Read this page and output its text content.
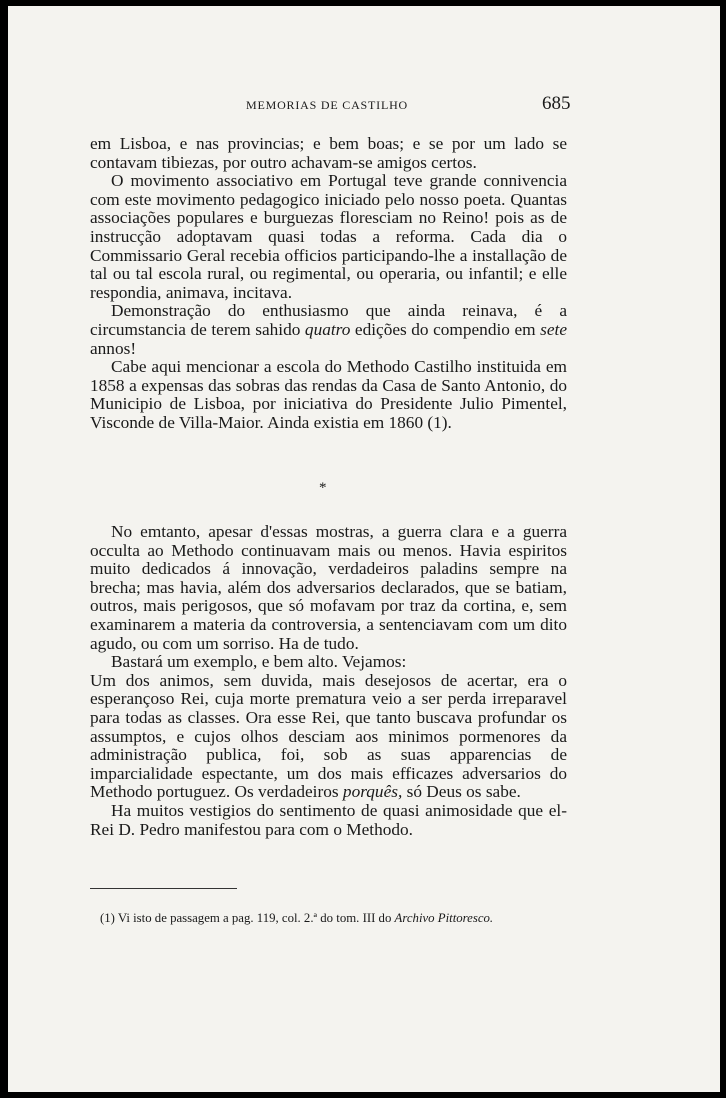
MEMORIAS DE CASTILHO	685

em Lisboa, e nas provincias; e bem boas; e se por um lado se contavam tibiezas, por outro achavam-se amigos certos.

O movimento associativo em Portugal teve grande connivencia com este movimento pedagogico iniciado pelo nosso poeta. Quantas associações populares e burguezas floresciam no Reino! pois as de instrucção adoptavam quasi todas a reforma. Cada dia o Commissario Geral recebia officios participando-lhe a installação de tal ou tal escola rural, ou regimental, ou operaria, ou infantil; e elle respondia, animava, incitava.

Demonstração do enthusiasmo que ainda reinava, é a circumstancia de terem sahido quatro edições do compendio em sete annos!

Cabe aqui mencionar a escola do Methodo Castilho instituida em 1858 a expensas das sobras das rendas da Casa de Santo Antonio, do Municipio de Lisboa, por iniciativa do Presidente Julio Pimentel, Visconde de Villa-Maior. Ainda existia em 1860 (1).

*

No emtanto, apesar d'essas mostras, a guerra clara e a guerra occulta ao Methodo continuavam mais ou menos. Havia espiritos muito dedicados á innovação, verdadeiros paladins sempre na brecha; mas havia, além dos adversarios declarados, que se batiam, outros, mais perigosos, que só mofavam por traz da cortina, e, sem examinarem a materia da controversia, a sentenciavam com um dito agudo, ou com um sorriso. Ha de tudo.

Bastará um exemplo, e bem alto. Vejamos:

Um dos animos, sem duvida, mais desejosos de acertar, era o esperançoso Rei, cuja morte prematura veio a ser perda irreparavel para todas as classes. Ora esse Rei, que tanto buscava profundar os assumptos, e cujos olhos desciam aos minimos pormenores da administração publica, foi, sob as suas apparencias de imparcialidade espectante, um dos mais efficazes adversarios do Methodo portuguez. Os verdadeiros porquês, só Deus os sabe.

Ha muitos vestigios do sentimento de quasi animosidade que el-Rei D. Pedro manifestou para com o Methodo.

(1) Vi isto de passagem a pag. 119, col. 2.ª do tom. III do Archivo Pittoresco.
